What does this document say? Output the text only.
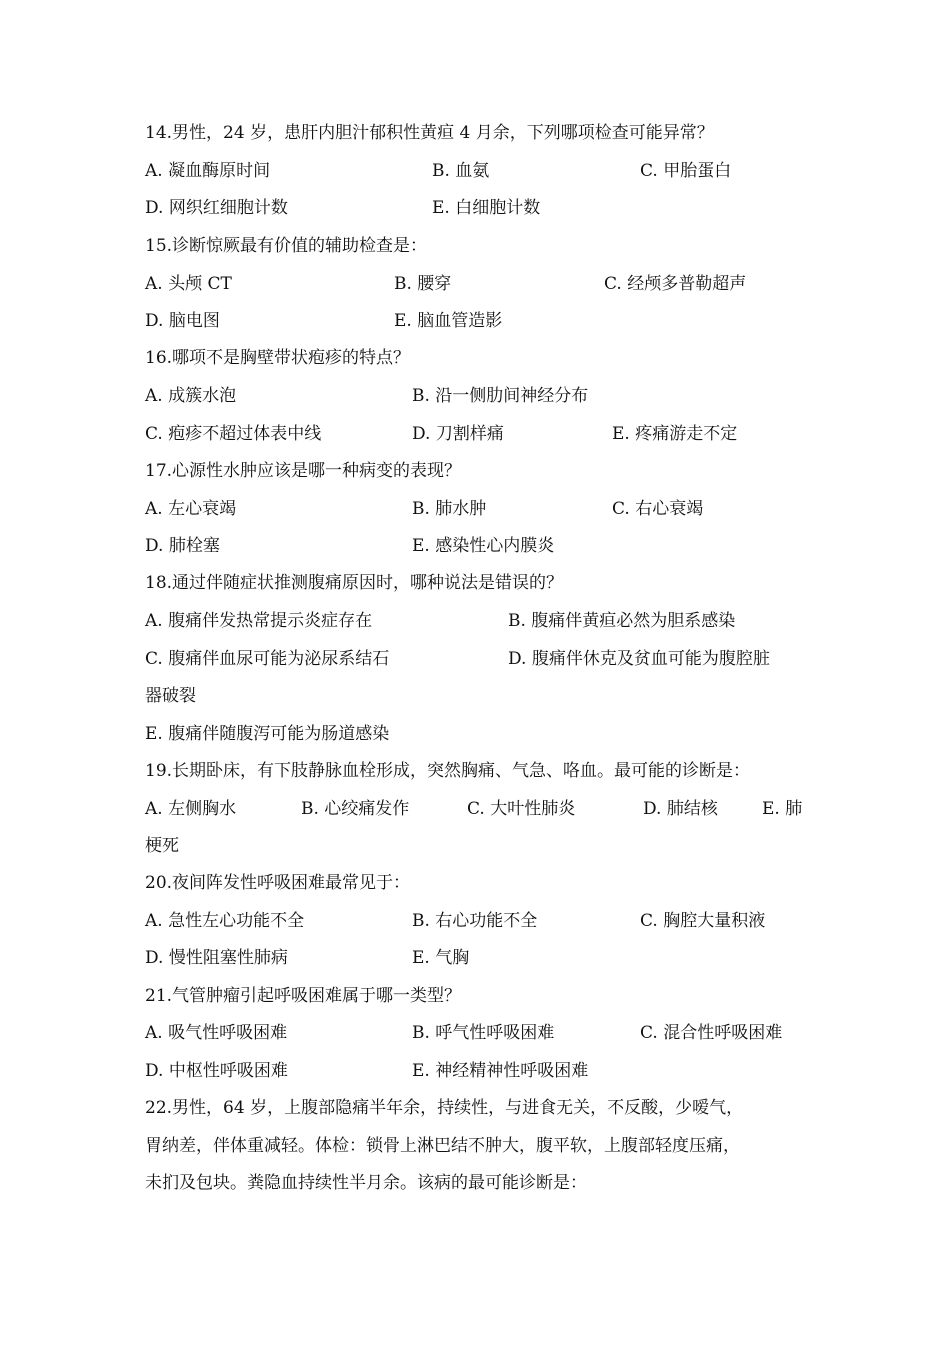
14.男性，24 岁，患肝内胆汁郁积性黄疸 4 月余，下列哪项检查可能异常？
A. 凝血酶原时间	B. 血氨	C. 甲胎蛋白
D. 网织红细胞计数	E. 白细胞计数
15.诊断惊厥最有价值的辅助检查是：
A. 头颅 CT	B. 腰穿	C. 经颅多普勒超声
D. 脑电图	E. 脑血管造影
16.哪项不是胸壁带状疱疹的特点？
A. 成簇水泡	B. 沿一侧肋间神经分布
C. 疱疹不超过体表中线	D. 刀割样痛	E. 疼痛游走不定
17.心源性水肿应该是哪一种病变的表现？
A. 左心衰竭	B. 肺水肿	C. 右心衰竭
D. 肺栓塞	E. 感染性心内膜炎
18.通过伴随症状推测腹痛原因时，哪种说法是错误的？
A. 腹痛伴发热常提示炎症存在	B. 腹痛伴黄疸必然为胆系感染
C. 腹痛伴血尿可能为泌尿系结石	D. 腹痛伴休克及贫血可能为腹腔脏
器破裂
E. 腹痛伴随腹泻可能为肠道感染
19.长期卧床，有下肢静脉血栓形成，突然胸痛、气急、咯血。最可能的诊断是：
A. 左侧胸水	B. 心绞痛发作	C. 大叶性肺炎	D. 肺结核	E. 肺
梗死
20.夜间阵发性呼吸困难最常见于：
A. 急性左心功能不全	B. 右心功能不全	C. 胸腔大量积液
D. 慢性阻塞性肺病	E. 气胸
21.气管肿瘤引起呼吸困难属于哪一类型？
A. 吸气性呼吸困难	B. 呼气性呼吸困难	C. 混合性呼吸困难
D. 中枢性呼吸困难	E. 神经精神性呼吸困难
22.男性，64 岁，上腹部隐痛半年余，持续性，与进食无关，不反酸，少嗳气，
胃纳差，伴体重减轻。体检：锁骨上淋巴结不肿大，腹平软，上腹部轻度压痛，
未扪及包块。粪隐血持续性半月余。该病的最可能诊断是：
